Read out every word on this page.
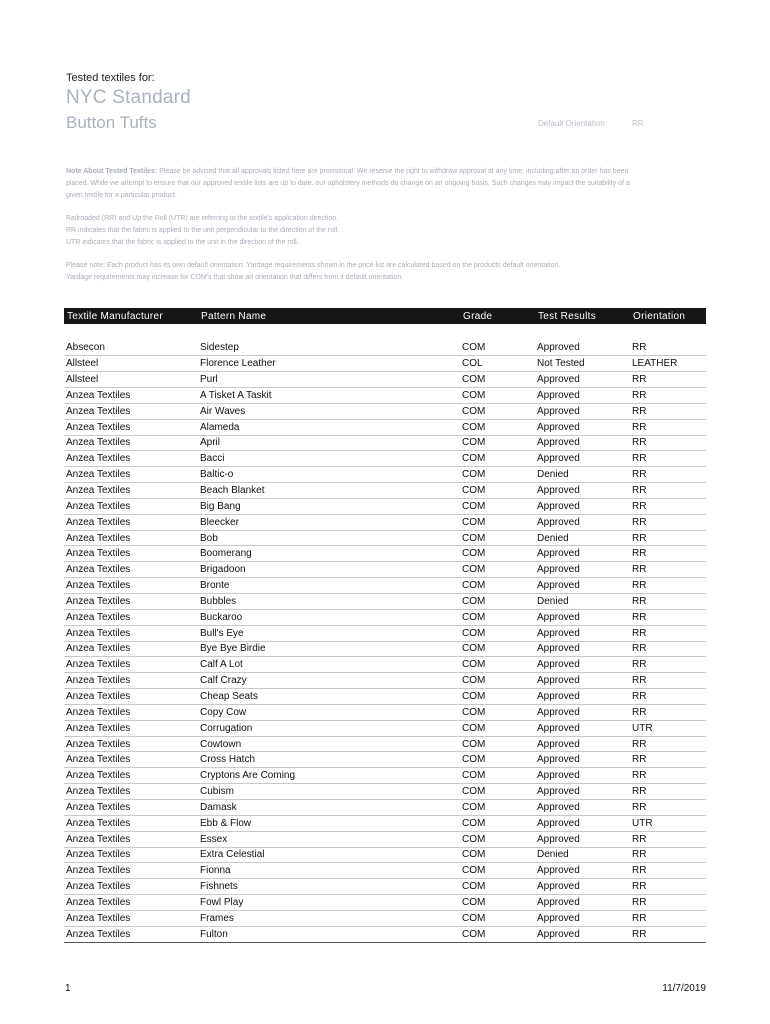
Tested textiles for:
NYC Standard
Button Tufts	Default Orientation	RR

Note About Tested Textiles: Please be advised that all approvals listed here are provisional. We reserve the right to withdraw approval at any time, including after an order has been placed. While we attempt to ensure that our approved textile lists are up to date, our upholstery methods do change on an ongoing basis. Such changes may impact the suitability of a given textile for a particular product.

Railroaded (RR) and Up the Roll (UTR) are referring to the textile's application direction.
RR indicates that the fabric is applied to the unit perpendicular to the direction of the roll.
UTR indicates that the fabric is applied to the unit in the direction of the roll.

Please note: Each product has its own default orientation. Yardage requirements shown in the price list are calculated based on the products default orientation.
Yardage requirements may increase for COM's that show an orientation that differs from it default orientation.

Textile Manufacturer	Pattern Name	Grade	Test Results	Orientation

Absecon	Sidestep	COM	Approved	RR
Allsteel	Florence Leather	COL	Not Tested	LEATHER
Allsteel	Purl	COM	Approved	RR
Anzea Textiles	A Tisket A Taskit	COM	Approved	RR
Anzea Textiles	Air Waves	COM	Approved	RR
Anzea Textiles	Alameda	COM	Approved	RR
Anzea Textiles	April	COM	Approved	RR
Anzea Textiles	Bacci	COM	Approved	RR
Anzea Textiles	Baltic-o	COM	Denied	RR
Anzea Textiles	Beach Blanket	COM	Approved	RR
Anzea Textiles	Big Bang	COM	Approved	RR
Anzea Textiles	Bleecker	COM	Approved	RR
Anzea Textiles	Bob	COM	Denied	RR
Anzea Textiles	Boomerang	COM	Approved	RR
Anzea Textiles	Brigadoon	COM	Approved	RR
Anzea Textiles	Bronte	COM	Approved	RR
Anzea Textiles	Bubbles	COM	Denied	RR
Anzea Textiles	Buckaroo	COM	Approved	RR
Anzea Textiles	Bull's Eye	COM	Approved	RR
Anzea Textiles	Bye Bye Birdie	COM	Approved	RR
Anzea Textiles	Calf A Lot	COM	Approved	RR
Anzea Textiles	Calf Crazy	COM	Approved	RR
Anzea Textiles	Cheap Seats	COM	Approved	RR
Anzea Textiles	Copy Cow	COM	Approved	RR
Anzea Textiles	Corrugation	COM	Approved	UTR
Anzea Textiles	Cowtown	COM	Approved	RR
Anzea Textiles	Cross Hatch	COM	Approved	RR
Anzea Textiles	Cryptons Are Coming	COM	Approved	RR
Anzea Textiles	Cubism	COM	Approved	RR
Anzea Textiles	Damask	COM	Approved	RR
Anzea Textiles	Ebb & Flow	COM	Approved	UTR
Anzea Textiles	Essex	COM	Approved	RR
Anzea Textiles	Extra Celestial	COM	Denied	RR
Anzea Textiles	Fionna	COM	Approved	RR
Anzea Textiles	Fishnets	COM	Approved	RR
Anzea Textiles	Fowl Play	COM	Approved	RR
Anzea Textiles	Frames	COM	Approved	RR
Anzea Textiles	Fulton	COM	Approved	RR
1	11/7/2019
